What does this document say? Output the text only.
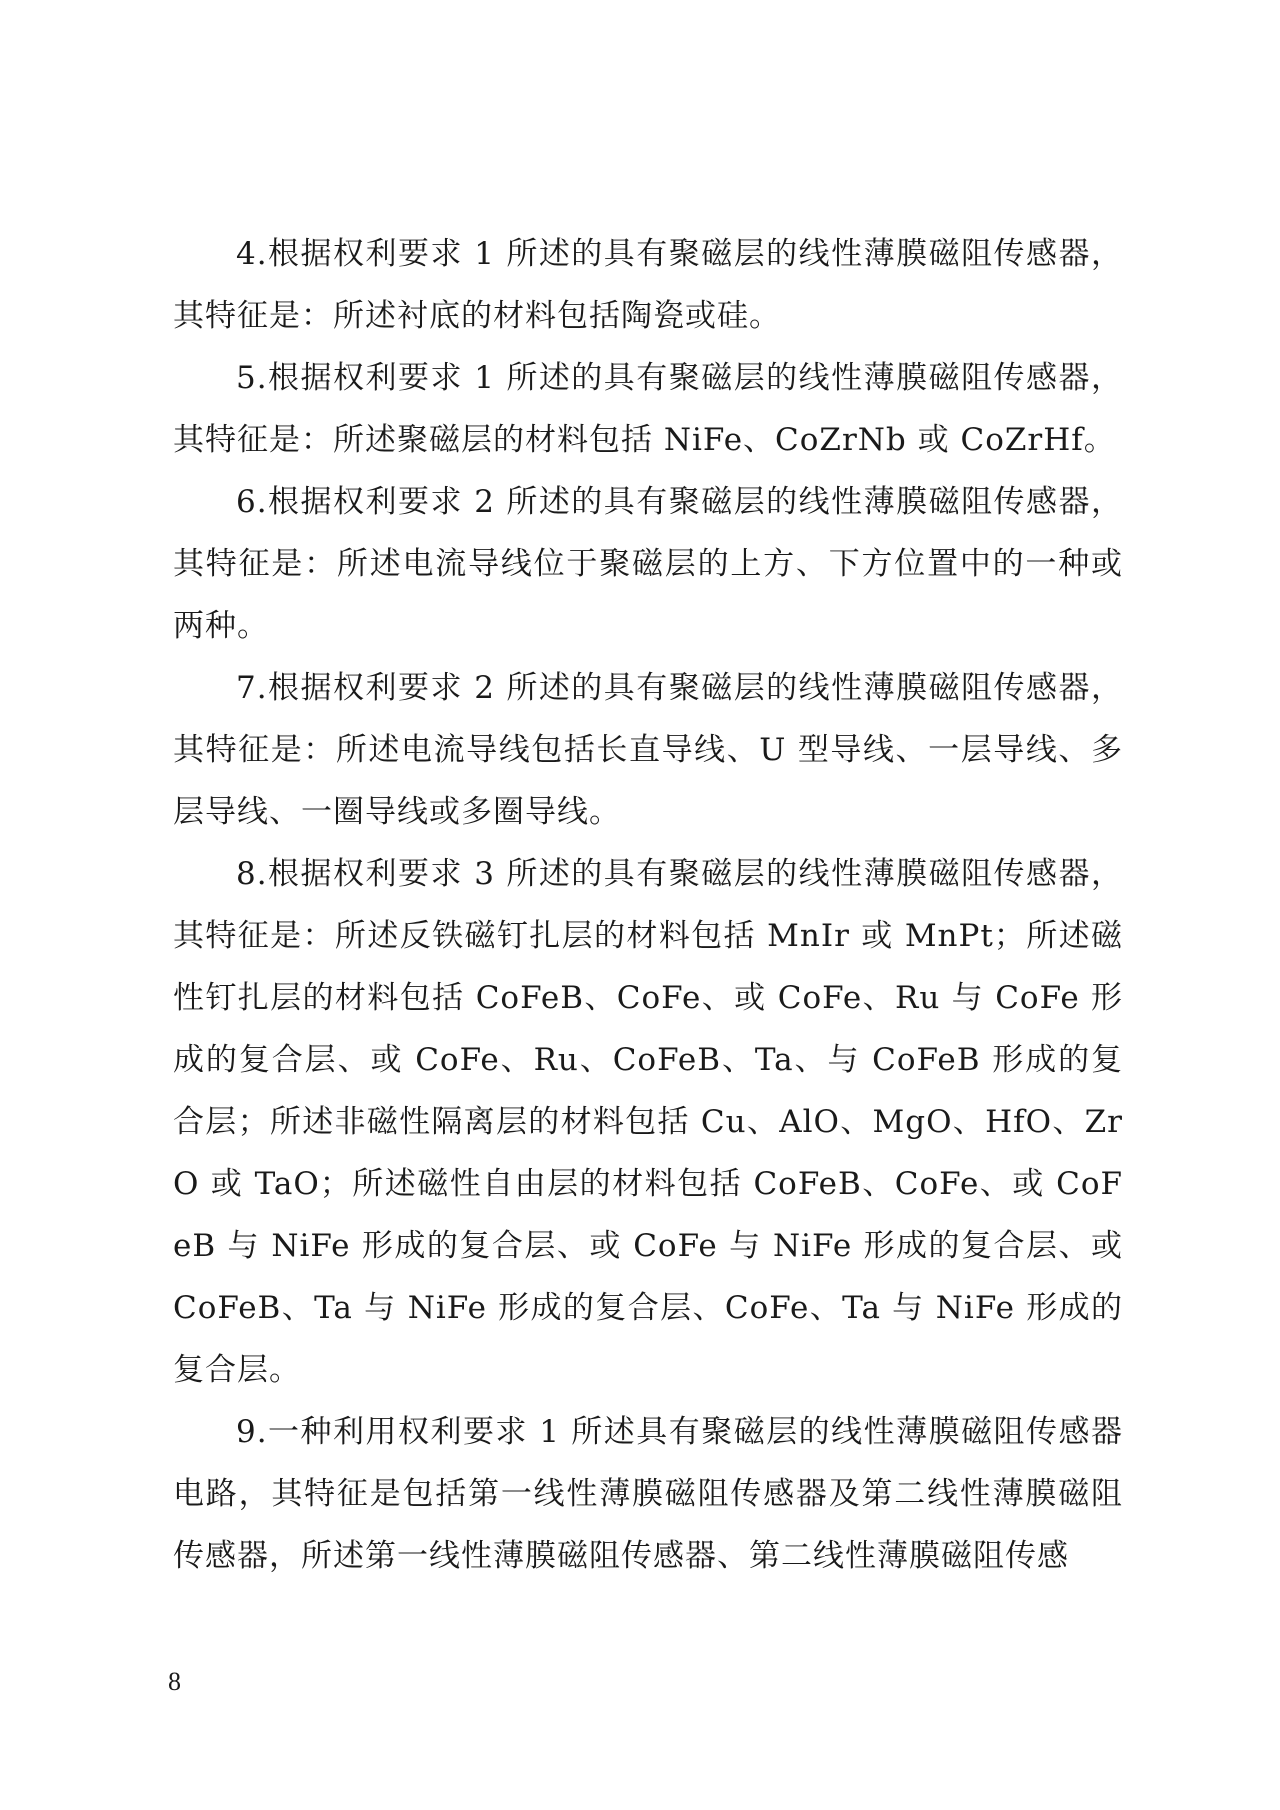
4.根据权利要求 1 所述的具有聚磁层的线性薄膜磁阻传感器，其特征是：所述衬底的材料包括陶瓷或硅。

5.根据权利要求 1 所述的具有聚磁层的线性薄膜磁阻传感器，其特征是：所述聚磁层的材料包括 NiFe、CoZrNb 或 CoZrHf。

6.根据权利要求 2 所述的具有聚磁层的线性薄膜磁阻传感器，其特征是：所述电流导线位于聚磁层的上方、下方位置中的一种或两种。

7.根据权利要求 2 所述的具有聚磁层的线性薄膜磁阻传感器，其特征是：所述电流导线包括长直导线、U 型导线、一层导线、多层导线、一圈导线或多圈导线。

8.根据权利要求 3 所述的具有聚磁层的线性薄膜磁阻传感器，其特征是：所述反铁磁钉扎层的材料包括 MnIr 或 MnPt；所述磁性钉扎层的材料包括 CoFeB、CoFe、或 CoFe、Ru 与 CoFe 形成的复合层、或 CoFe、Ru、CoFeB、Ta、与 CoFeB 形成的复合层；所述非磁性隔离层的材料包括 Cu、AlO、MgO、HfO、ZrO 或 TaO；所述磁性自由层的材料包括 CoFeB、CoFe、或 CoFeB 与 NiFe 形成的复合层、或 CoFe 与 NiFe 形成的复合层、或 CoFeB、Ta 与 NiFe 形成的复合层、CoFe、Ta 与 NiFe 形成的复合层。

9.一种利用权利要求 1 所述具有聚磁层的线性薄膜磁阻传感器电路，其特征是包括第一线性薄膜磁阻传感器及第二线性薄膜磁阻传感器，所述第一线性薄膜磁阻传感器、第二线性薄膜磁阻传感

8
